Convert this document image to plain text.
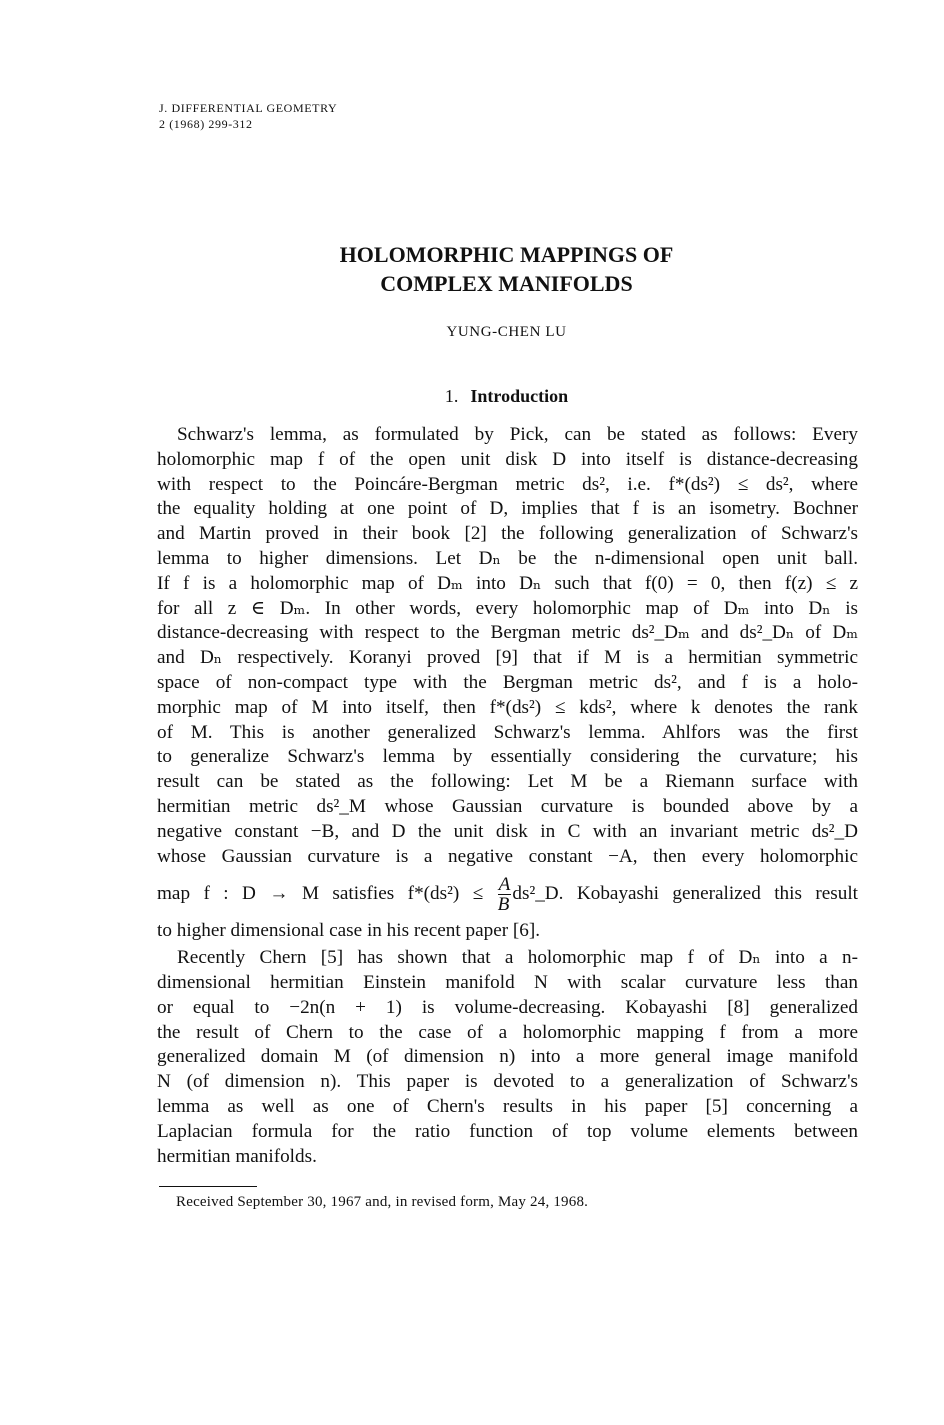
J. DIFFERENTIAL GEOMETRY
2 (1968) 299-312
HOLOMORPHIC MAPPINGS OF
COMPLEX MANIFOLDS
YUNG-CHEN LU
1. Introduction
Schwarz's lemma, as formulated by Pick, can be stated as follows: Every
holomorphic map f of the open unit disk D into itself is distance-decreasing
with respect to the Poincáre-Bergman metric ds², i.e. f*(ds²) ≤ ds², where
the equality holding at one point of D, implies that f is an isometry. Bochner
and Martin proved in their book [2] the following generalization of Schwarz's
lemma to higher dimensions. Let Dₙ be the n-dimensional open unit ball.
If f is a holomorphic map of Dₘ into Dₙ such that f(0) = 0, then f(z) ≤ z
for all z ∈ Dₘ. In other words, every holomorphic map of Dₘ into Dₙ is
distance-decreasing with respect to the Bergman metric ds²_Dₘ and ds²_Dₙ of Dₘ
and Dₙ respectively. Koranyi proved [9] that if M is a hermitian symmetric
space of non-compact type with the Bergman metric ds², and f is a holo-
morphic map of M into itself, then f*(ds²) ≤ kds², where k denotes the rank
of M. This is another generalized Schwarz's lemma. Ahlfors was the first
to generalize Schwarz's lemma by essentially considering the curvature; his
result can be stated as the following: Let M be a Riemann surface with
hermitian metric ds²_M whose Gaussian curvature is bounded above by a
negative constant −B, and D the unit disk in C with an invariant metric ds²_D
whose Gaussian curvature is a negative constant −A, then every holomorphic
map f : D → M satisfies $f*(ds^2) \le \frac{A}{B}$ ds²_D. Kobayashi generalized this result
to higher dimensional case in his recent paper [6].
Recently Chern [5] has shown that a holomorphic map f of Dₙ into a n-
dimensional hermitian Einstein manifold N with scalar curvature less than
or equal to −2n(n + 1) is volume-decreasing. Kobayashi [8] generalized
the result of Chern to the case of a holomorphic mapping f from a more
generalized domain M (of dimension n) into a more general image manifold
N (of dimension n). This paper is devoted to a generalization of Schwarz's
lemma as well as one of Chern's results in his paper [5] concerning a
Laplacian formula for the ratio function of top volume elements between
hermitian manifolds.
Received September 30, 1967 and, in revised form, May 24, 1968.
